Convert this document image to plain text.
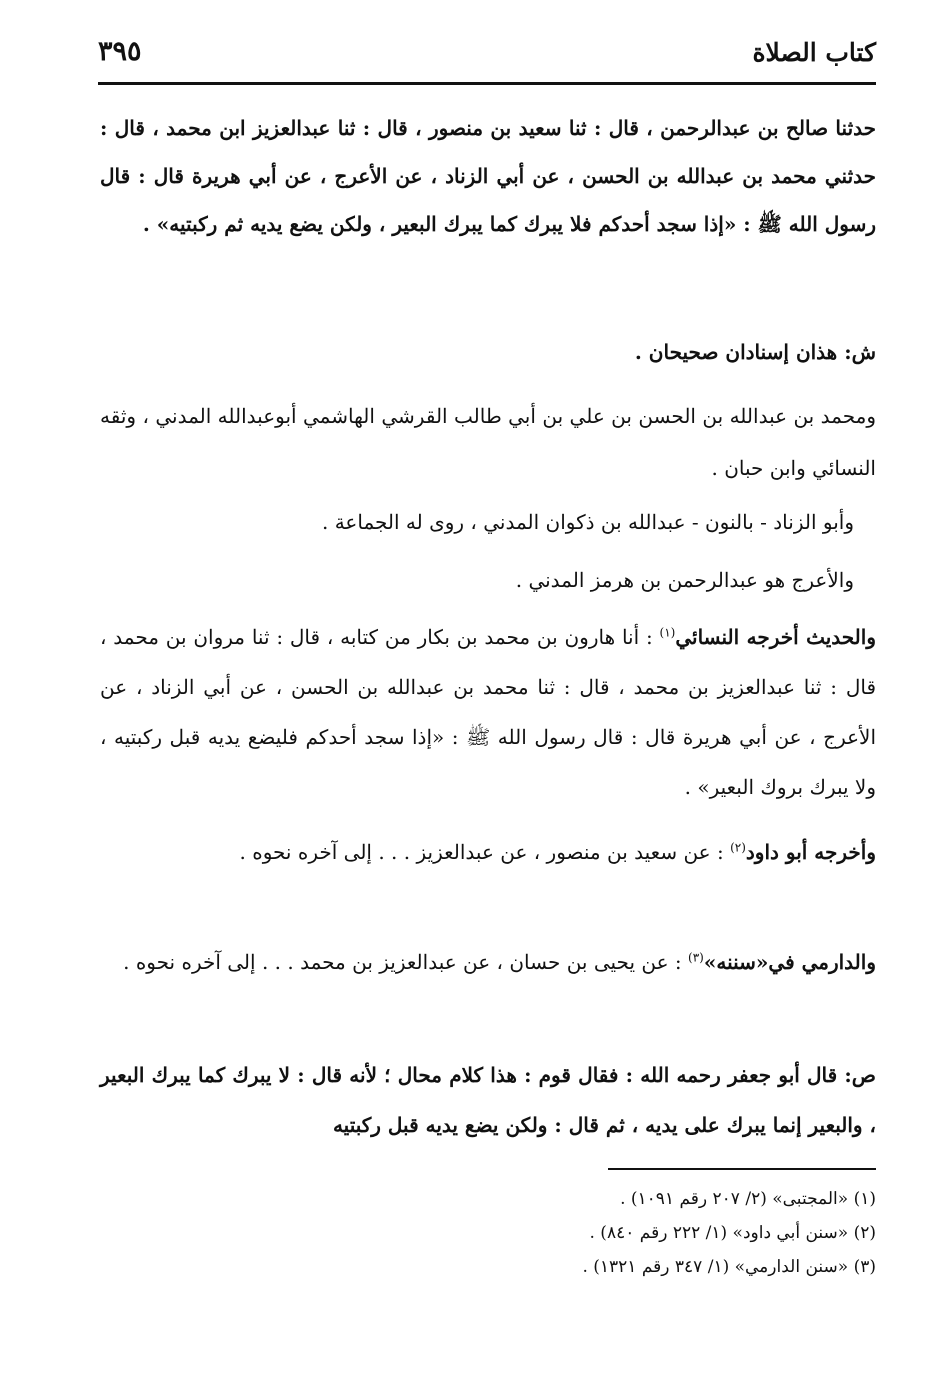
كتاب الصلاة
٣٩٥

حدثنا صالح بن عبدالرحمن ، قال : ثنا سعيد بن منصور ، قال : ثنا عبدالعزيز ابن محمد ، قال : حدثني محمد بن عبدالله بن الحسن ، عن أبي الزناد ، عن الأعرج ، عن أبي هريرة قال : قال رسول الله ﷺ : «إذا سجد أحدكم فلا يبرك كما يبرك البعير ، ولكن يضع يديه ثم ركبتيه» .

ش: هذان إسنادان صحيحان .

ومحمد بن عبدالله بن الحسن بن علي بن أبي طالب القرشي الهاشمي أبوعبدالله المدني ، وثقه النسائي وابن حبان .

وأبو الزناد - بالنون - عبدالله بن ذكوان المدني ، روى له الجماعة .

والأعرج هو عبدالرحمن بن هرمز المدني .

والحديث أخرجه النسائي$^{(١)}$ : أنا هارون بن محمد بن بكار من كتابه ، قال : ثنا مروان بن محمد ، قال : ثنا عبدالعزيز بن محمد ، قال : ثنا محمد بن عبدالله بن الحسن ، عن أبي الزناد ، عن الأعرج ، عن أبي هريرة قال : قال رسول الله ﷺ : «إذا سجد أحدكم فليضع يديه قبل ركبتيه ، ولا يبرك بروك البعير» .

وأخرجه أبو داود$^{(٢)}$ : عن سعيد بن منصور ، عن عبدالعزيز . . . إلى آخره نحوه .

والدارمي في«سننه»$^{(٣)}$ : عن يحيى بن حسان ، عن عبدالعزيز بن محمد . . . إلى آخره نحوه .

ص: قال أبو جعفر رحمه الله : فقال قوم : هذا كلام محال ؛ لأنه قال : لا يبرك كما يبرك البعير ، والبعير إنما يبرك على يديه ، ثم قال : ولكن يضع يديه قبل ركبتيه

(١) «المجتبى» (٢/ ٢٠٧ رقم ١٠٩١) .
(٢) «سنن أبي داود» (١/ ٢٢٢ رقم ٨٤٠) .
(٣) «سنن الدارمي» (١/ ٣٤٧ رقم ١٣٢١) .
